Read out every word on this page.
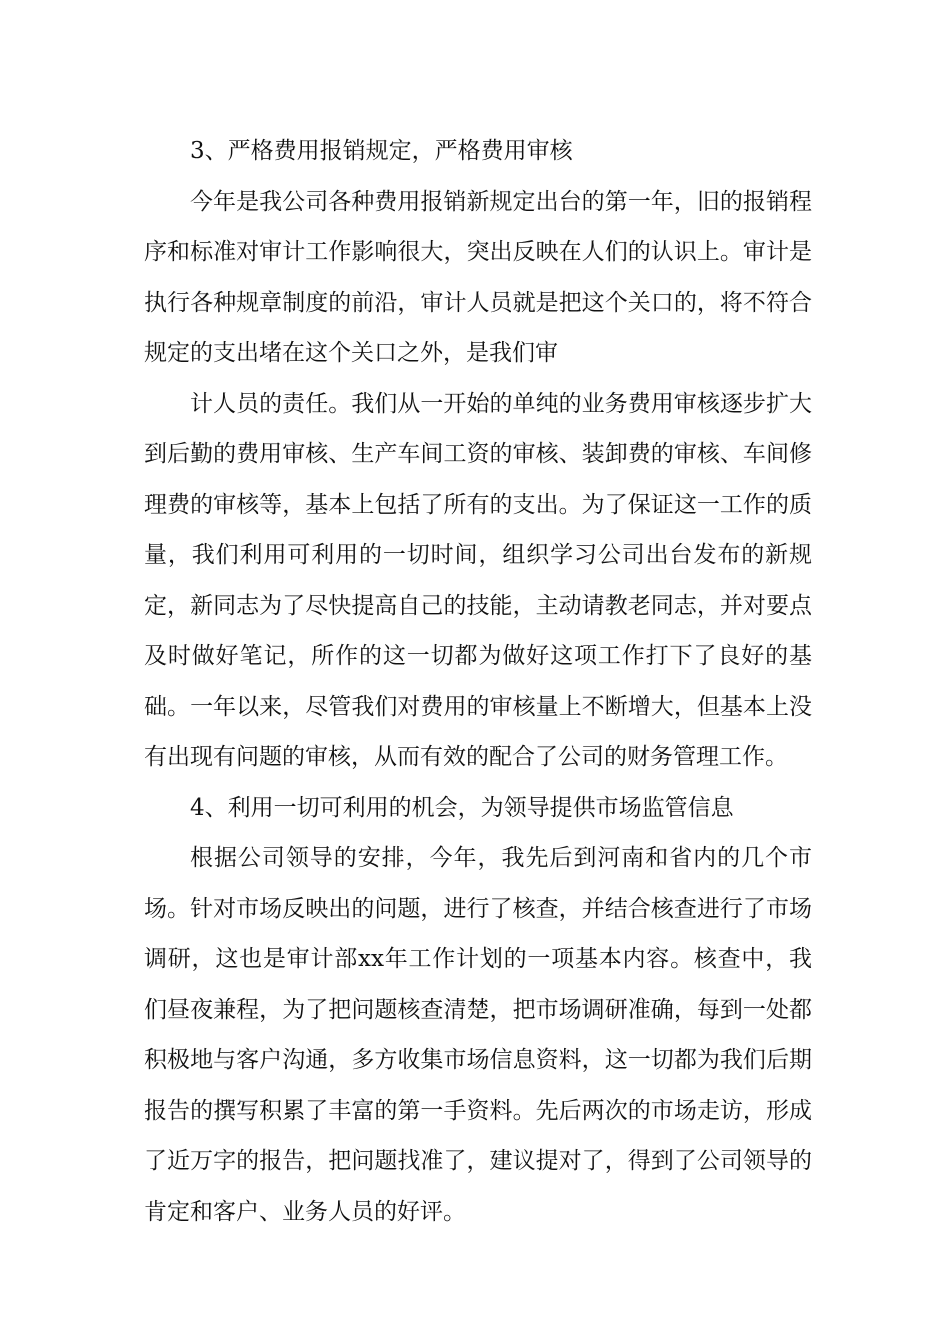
3、严格费用报销规定，严格费用审核

今年是我公司各种费用报销新规定出台的第一年，旧的报销程序和标准对审计工作影响很大，突出反映在人们的认识上。审计是执行各种规章制度的前沿，审计人员就是把这个关口的，将不符合规定的支出堵在这个关口之外，是我们审

计人员的责任。我们从一开始的单纯的业务费用审核逐步扩大到后勤的费用审核、生产车间工资的审核、装卸费的审核、车间修理费的审核等，基本上包括了所有的支出。为了保证这一工作的质量，我们利用可利用的一切时间，组织学习公司出台发布的新规定，新同志为了尽快提高自己的技能，主动请教老同志，并对要点及时做好笔记，所作的这一切都为做好这项工作打下了良好的基础。一年以来，尽管我们对费用的审核量上不断增大，但基本上没有出现有问题的审核，从而有效的配合了公司的财务管理工作。

4、利用一切可利用的机会，为领导提供市场监管信息

根据公司领导的安排，今年，我先后到河南和省内的几个市场。针对市场反映出的问题，进行了核查，并结合核查进行了市场调研，这也是审计部xx年工作计划的一项基本内容。核查中，我们昼夜兼程，为了把问题核查清楚，把市场调研准确，每到一处都积极地与客户沟通，多方收集市场信息资料，这一切都为我们后期报告的撰写积累了丰富的第一手资料。先后两次的市场走访，形成了近万字的报告，把问题找准了，建议提对了，得到了公司领导的肯定和客户、业务人员的好评。
